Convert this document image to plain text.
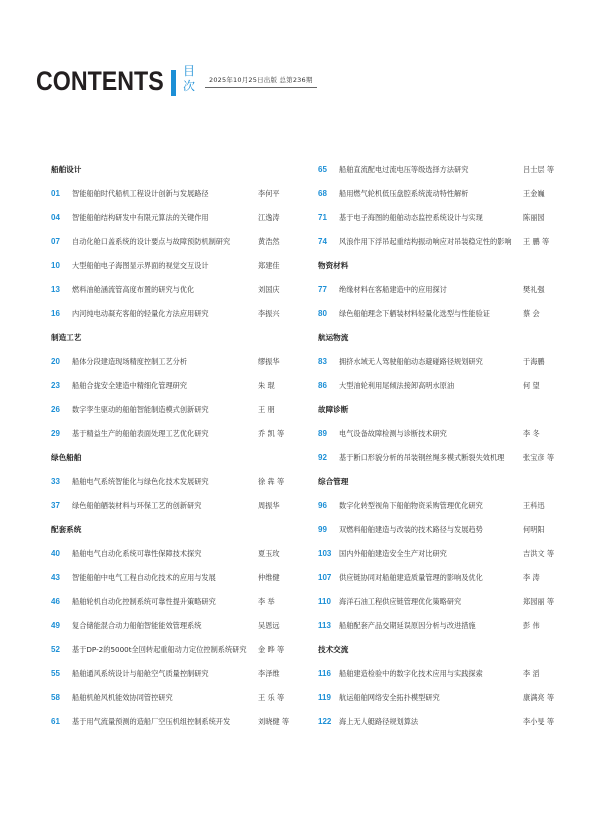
CONTENTS 目次 2025年10月25日出版 总第236期
船舶设计
01 智能船舶时代船机工程设计创新与发展路径	李何平
04 智能船舶结构研发中有限元算法的关键作用	江逸涛
07 自动化舱口盖系统的设计要点与故障预防机制研究	黄浩然
10 大型船舶电子海图显示界面的视觉交互设计	郑建佳
13 燃料油舱涵流管高度布置的研究与优化	刘国庆
16 内河纯电动凝充客船的轻量化方法应用研究	李振兴
制造工艺
20 船体分段建造现场精度控制工艺分析	缪振华
23 船舶合拢安全建造中精细化管理研究	朱 琨
26 数字孪生驱动的船舶智能制造模式创新研究	王 朋
29 基于精益生产的船舶表面处理工艺优化研究	乔 凯 等
绿色船舶
33 船舶电气系统智能化与绿色化技术发展研究	徐 犇 等
37 绿色船舶舾装材料与环保工艺的创新研究	周振华
配套系统
40 船舶电气自动化系统可靠性保障技术探究	夏玉玫
43 智能船舶中电气工程自动化技术的应用与发展	仲维健
46 船舶轮机自动化控制系统可靠性提升策略研究	李 举
49 复合储能混合动力船舶智能能效管理系统	吴恩远
52 基于DP-2的5000t全回转起重船动力定位控制系统研究	金 晔 等
55 船舶通风系统设计与船舱空气质量控制研究	李泽维
58 船舶机舱风机能效协同管控研究	王 乐 等
61 基于用气流量预测的造船厂空压机组控制系统开发	刘晓健 等
65 船舶直流配电过流电压等级选择方法研究	吕士层 等
68 船用燃气轮机低压盘腔系统流动特性解析	王金巍
71 基于电子海图的船舶动态监控系统设计与实现	陈丽园
74 风浪作用下浮吊起重结构振动响应对吊装稳定性的影响	王 鹏 等
物资材料
77 绝缘材料在客船建造中的应用探讨	樊礼强
80 绿色船舶理念下舾装材料轻量化选型与性能验证	蔡 会
航运物流
83 拥挤水域无人驾驶船舶动态避碰路径规划研究	于海鹏
86 大型油轮利用尾倾法接卸高明水原油	何 望
故障诊断
89 电气设备故障检测与诊断技术研究	李 冬
92 基于断口形貌分析的吊装钢丝绳多模式断裂失效机理	张宝彦 等
综合管理
96 数字化转型视角下船舶物资采购管理优化研究	王科迅
99 双燃料船舶建造与改装的技术路径与发展趋势	何明阳
103 国内外船舶建造安全生产对比研究	吉洪文 等
107 供应链协同对船舶建造质量管理的影响及优化	李 涛
110 海洋石油工程供应链管理优化策略研究	郑园丽 等
113 船舶配套产品交期延误原因分析与改进措施	彭 伟
技术交流
116 船舶建造检验中的数字化技术应用与实践探索	李 滔
119 航运船舶网络安全拓扑模型研究	康满亮 等
122 海上无人艇路径规划算法	李小旻 等
